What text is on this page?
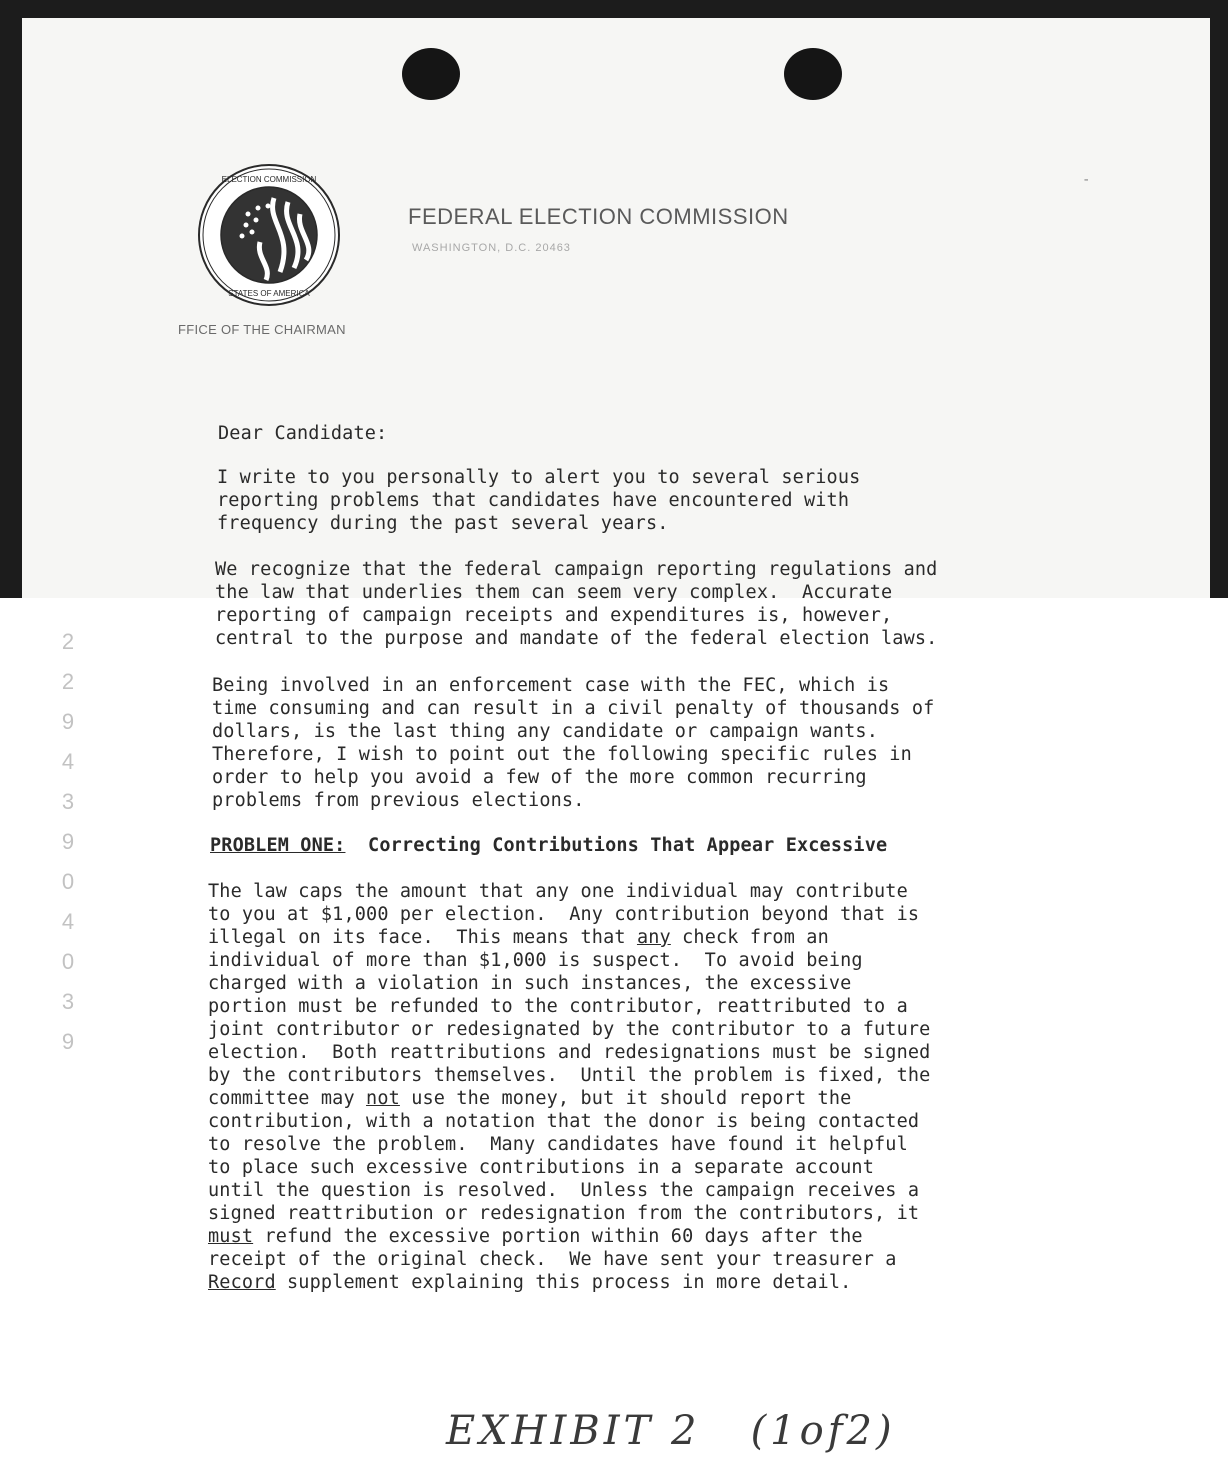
ELECTION COMMISSION
STATES OF AMERICA
FEDERAL ELECTION COMMISSION
WASHINGTON, D.C. 20463
FFICE OF THE CHAIRMAN
-
2
2
9
4
3
9
0
4
0
3
9
Dear Candidate:
I write to you personally to alert you to several serious
reporting problems that candidates have encountered with
frequency during the past several years.
We recognize that the federal campaign reporting regulations and
the law that underlies them can seem very complex.  Accurate
reporting of campaign receipts and expenditures is, however,
central to the purpose and mandate of the federal election laws.
Being involved in an enforcement case with the FEC, which is
time consuming and can result in a civil penalty of thousands of
dollars, is the last thing any candidate or campaign wants.
Therefore, I wish to point out the following specific rules in
order to help you avoid a few of the more common recurring
problems from previous elections.
PROBLEM ONE:  Correcting Contributions That Appear Excessive
The law caps the amount that any one individual may contribute
to you at $1,000 per election.  Any contribution beyond that is
illegal on its face.  This means that any check from an
individual of more than $1,000 is suspect.  To avoid being
charged with a violation in such instances, the excessive
portion must be refunded to the contributor, reattributed to a
joint contributor or redesignated by the contributor to a future
election.  Both reattributions and redesignations must be signed
by the contributors themselves.  Until the problem is fixed, the
committee may not use the money, but it should report the
contribution, with a notation that the donor is being contacted
to resolve the problem.  Many candidates have found it helpful
to place such excessive contributions in a separate account
until the question is resolved.  Unless the campaign receives a
signed reattribution or redesignation from the contributors, it
must refund the excessive portion within 60 days after the
receipt of the original check.  We have sent your treasurer a
Record supplement explaining this process in more detail.
EXHIBIT 2 (1of2)
